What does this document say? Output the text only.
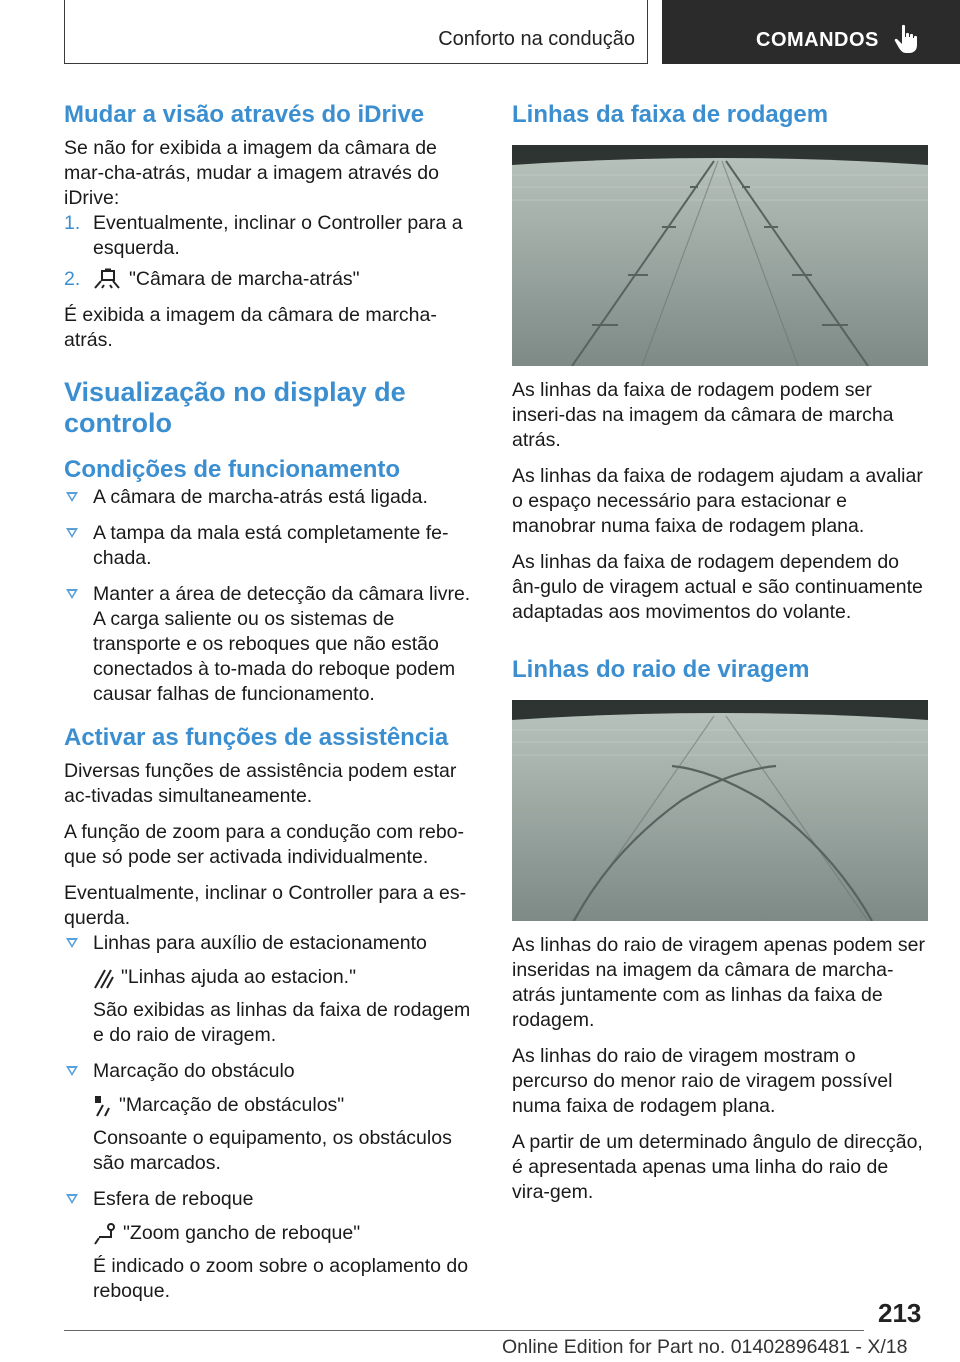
Conforto na condução	COMANDOS
Mudar a visão através do iDrive

Se não for exibida a imagem da câmara de mar-cha-atrás, mudar a imagem através do iDrive:

1. Eventualmente, inclinar o Controller para a esquerda.
2. "Câmara de marcha-atrás"

É exibida a imagem da câmara de marcha-atrás.

Visualização no display de controlo
Condições de funcionamento
A câmara de marcha-atrás está ligada.
A tampa da mala está completamente fe-chada.
Manter a área de detecção da câmara livre. A carga saliente ou os sistemas de transporte e os reboques que não estão conectados à to-mada do reboque podem causar falhas de funcionamento.
Activar as funções de assistência

Diversas funções de assistência podem estar ac-tivadas simultaneamente.

A função de zoom para a condução com rebo-que só pode ser activada individualmente.

Eventualmente, inclinar o Controller para a es-querda.

Linhas para auxílio de estacionamento
"Linhas ajuda ao estacion."

São exibidas as linhas da faixa de rodagem e do raio de viragem.

Marcação do obstáculo
"Marcação de obstáculos"

Consoante o equipamento, os obstáculos são marcados.

Esfera de reboque
"Zoom gancho de reboque"

É indicado o zoom sobre o acoplamento do reboque.

Linhas da faixa de rodagem

As linhas da faixa de rodagem podem ser inseri-das na imagem da câmara de marcha atrás.

As linhas da faixa de rodagem ajudam a avaliar o espaço necessário para estacionar e manobrar numa faixa de rodagem plana.

As linhas da faixa de rodagem dependem do ân-gulo de viragem actual e são continuamente adaptadas aos movimentos do volante.

Linhas do raio de viragem

As linhas do raio de viragem apenas podem ser inseridas na imagem da câmara de marcha-atrás juntamente com as linhas da faixa de rodagem.

As linhas do raio de viragem mostram o percurso do menor raio de viragem possível numa faixa de rodagem plana.

A partir de um determinado ângulo de direcção, é apresentada apenas uma linha do raio de vira-gem.

213
Online Edition for Part no. 01402896481 - X/18
